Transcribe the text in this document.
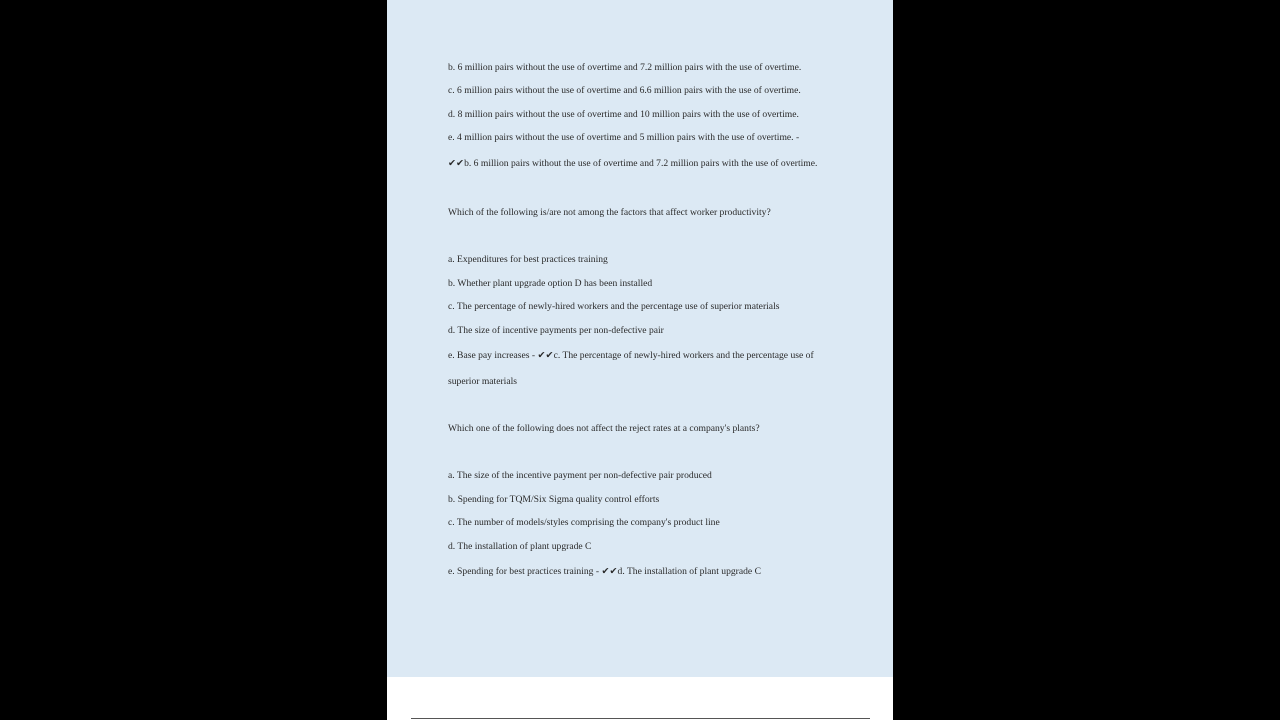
b. 6 million pairs without the use of overtime and 7.2 million pairs with the use of overtime.

c. 6 million pairs without the use of overtime and 6.6 million pairs with the use of overtime.

d. 8 million pairs without the use of overtime and 10 million pairs with the use of overtime.

e. 4 million pairs without the use of overtime and 5 million pairs with the use of overtime. -

✔✔b. 6 million pairs without the use of overtime and 7.2 million pairs with the use of overtime.

Which of the following is/are not among the factors that affect worker productivity?

a. Expenditures for best practices training

b. Whether plant upgrade option D has been installed

c. The percentage of newly-hired workers and the percentage use of superior materials

d. The size of incentive payments per non-defective pair

e. Base pay increases - ✔✔c. The percentage of newly-hired workers and the percentage use of

superior materials

Which one of the following does not affect the reject rates at a company's plants?

a. The size of the incentive payment per non-defective pair produced

b. Spending for TQM/Six Sigma quality control efforts

c. The number of models/styles comprising the company's product line

d. The installation of plant upgrade C

e. Spending for best practices training - ✔✔d. The installation of plant upgrade C
